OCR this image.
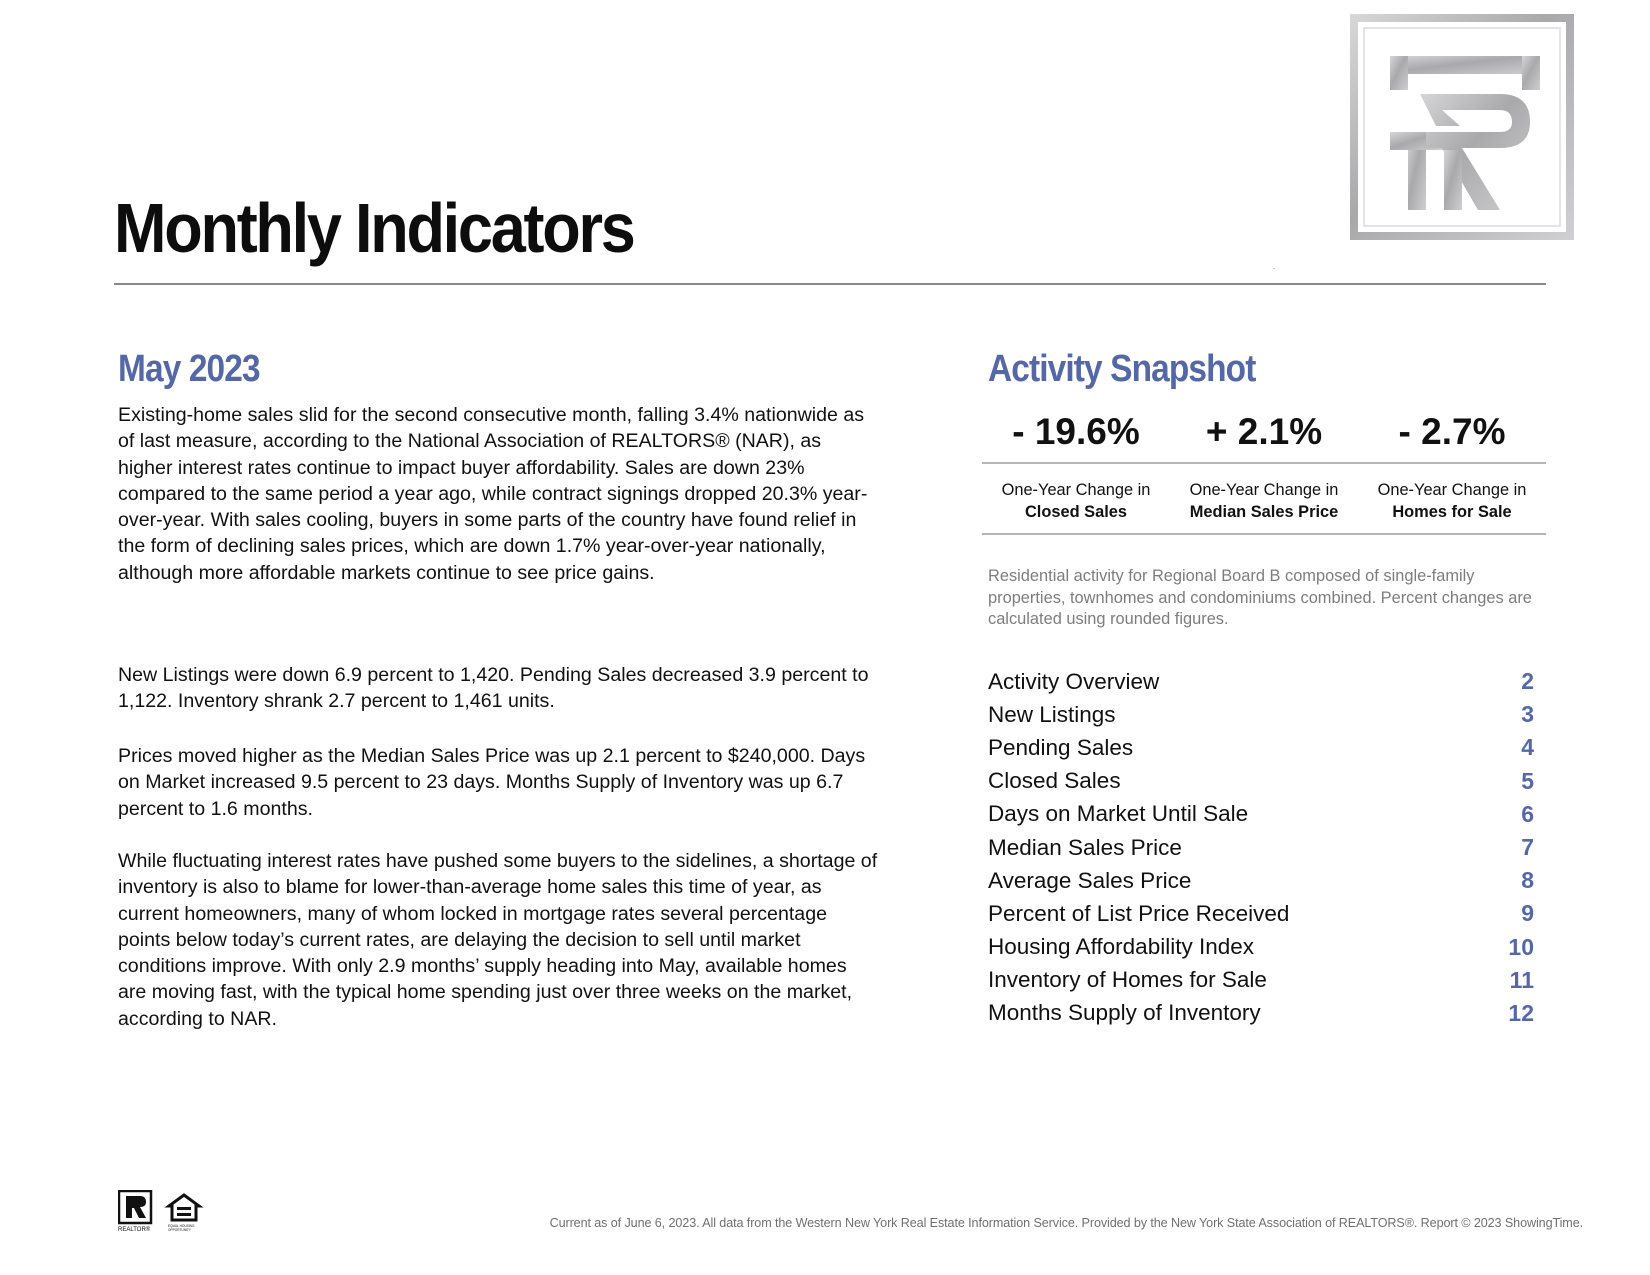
Monthly Indicators
May 2023
Existing-home sales slid for the second consecutive month, falling 3.4% nationwide as of last measure, according to the National Association of REALTORS® (NAR), as higher interest rates continue to impact buyer affordability. Sales are down 23% compared to the same period a year ago, while contract signings dropped 20.3% year-over-year. With sales cooling, buyers in some parts of the country have found relief in the form of declining sales prices, which are down 1.7% year-over-year nationally, although more affordable markets continue to see price gains.
New Listings were down 6.9 percent to 1,420. Pending Sales decreased 3.9 percent to 1,122. Inventory shrank 2.7 percent to 1,461 units.
Prices moved higher as the Median Sales Price was up 2.1 percent to $240,000. Days on Market increased 9.5 percent to 23 days. Months Supply of Inventory was up 6.7 percent to 1.6 months.
While fluctuating interest rates have pushed some buyers to the sidelines, a shortage of inventory is also to blame for lower-than-average home sales this time of year, as current homeowners, many of whom locked in mortgage rates several percentage points below today’s current rates, are delaying the decision to sell until market conditions improve. With only 2.9 months’ supply heading into May, available homes are moving fast, with the typical home spending just over three weeks on the market, according to NAR.
Activity Snapshot
- 19.6%	+ 2.1%	- 2.7%
One-Year Change in
Closed Sales
One-Year Change in
Median Sales Price
One-Year Change in
Homes for Sale
Residential activity for Regional Board B composed of single-family properties, townhomes and condominiums combined. Percent changes are calculated using rounded figures.
Activity Overview	2
New Listings	3
Pending Sales	4
Closed Sales	5
Days on Market Until Sale	6
Median Sales Price	7
Average Sales Price	8
Percent of List Price Received	9
Housing Affordability Index	10
Inventory of Homes for Sale	11
Months Supply of Inventory	12
REALTOR®
EQUAL HOUSING
OPPORTUNITY	Current as of June 6, 2023. All data from the Western New York Real Estate Information Service. Provided by the New York State Association of REALTORS®. Report © 2023 ShowingTime.
